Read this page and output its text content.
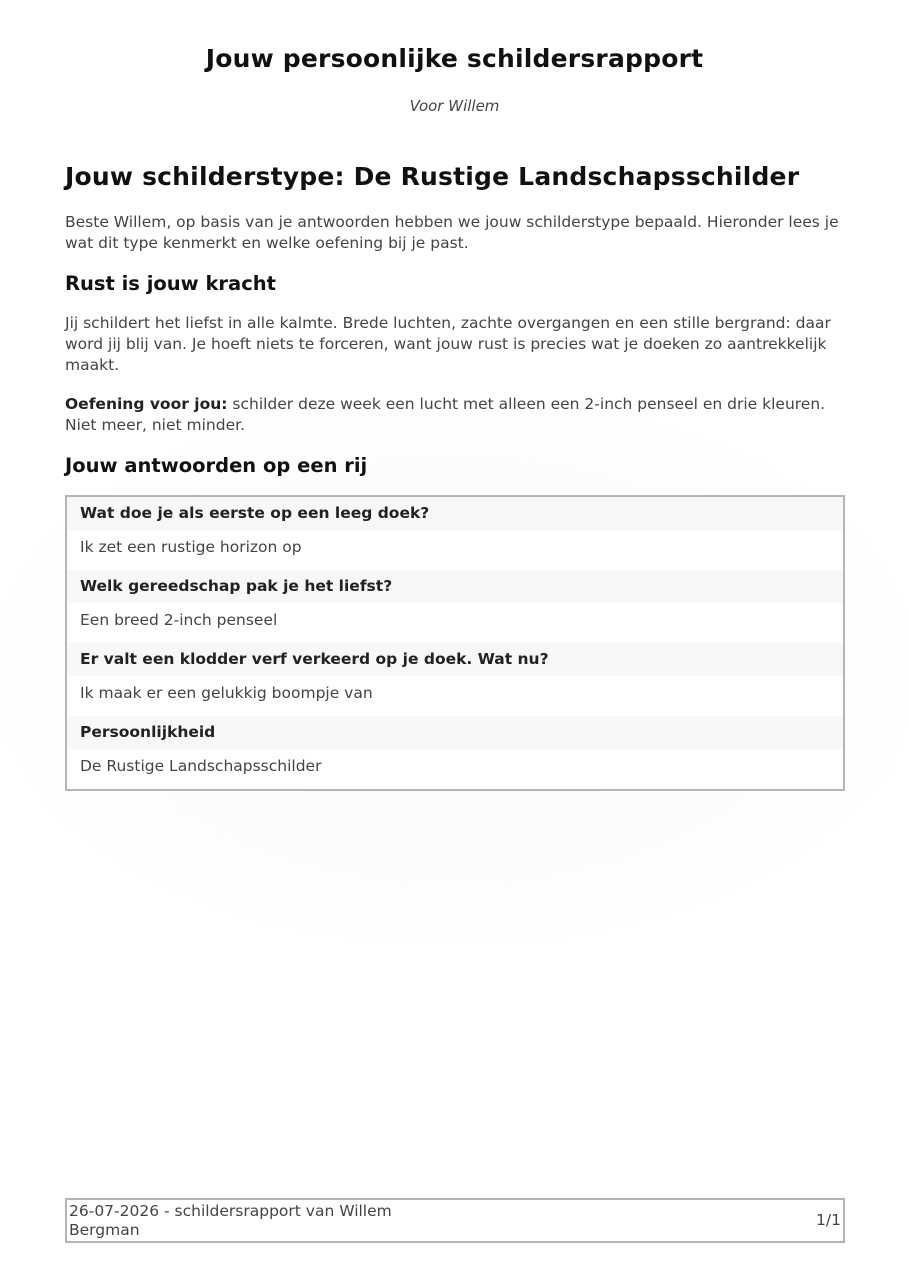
Jouw persoonlijke schildersrapport
Voor Willem
Jouw schilderstype: De Rustige Landschapsschilder

Beste Willem, op basis van je antwoorden hebben we jouw schilderstype bepaald. Hieronder lees je wat dit type kenmerkt en welke oefening bij je past.

Rust is jouw kracht

Jij schildert het liefst in alle kalmte. Brede luchten, zachte overgangen en een stille bergrand: daar word jij blij van. Je hoeft niets te forceren, want jouw rust is precies wat je doeken zo aantrekkelijk maakt.

Oefening voor jou: schilder deze week een lucht met alleen een 2-inch penseel en drie kleuren. Niet meer, niet minder.

Jouw antwoorden op een rij
Wat doe je als eerste op een leeg doek?
Ik zet een rustige horizon op
Welk gereedschap pak je het liefst?
Een breed 2-inch penseel
Er valt een klodder verf verkeerd op je doek. Wat nu?
Ik maak er een gelukkig boompje van
Persoonlijkheid
De Rustige Landschapsschilder
26-07-2026 - schildersrapport van Willem Bergman
1/1
